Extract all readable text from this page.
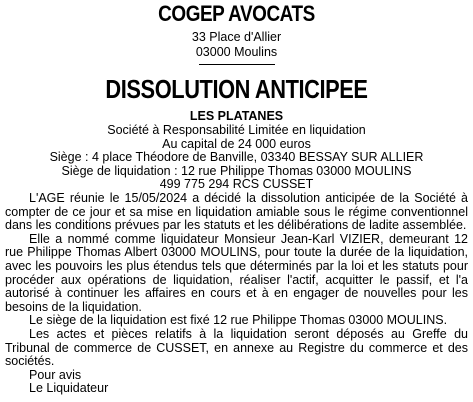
COGEP AVOCATS
33 Place d'Allier
03000 Moulins
DISSOLUTION ANTICIPEE
LES PLATANES
Société à Responsabilité Limitée en liquidation
Au capital de 24 000 euros
Siège : 4 place Théodore de Banville, 03340 BESSAY SUR ALLIER
Siège de liquidation : 12 rue Philippe Thomas 03000 MOULINS
499 775 294 RCS CUSSET

L'AGE réunie le 15/05/2024 a décidé la dissolution anticipée de la Société à compter de ce jour et sa mise en liquidation amiable sous le régime conventionnel dans les conditions prévues par les statuts et les délibérations de ladite assemblée.

Elle a nommé comme liquidateur Monsieur Jean-Karl VIZIER, demeurant 12 rue Philippe Thomas Albert 03000 MOULINS, pour toute la durée de la liquidation, avec les pouvoirs les plus étendus tels que déterminés par la loi et les statuts pour procéder aux opérations de liquidation, réaliser l'actif, acquitter le passif, et l'a autorisé à continuer les affaires en cours et à en engager de nouvelles pour les besoins de la liquidation.

Le siège de la liquidation est fixé 12 rue Philippe Thomas 03000 MOULINS.

Les actes et pièces relatifs à la liquidation seront déposés au Greffe du Tribunal de commerce de CUSSET, en annexe au Registre du commerce et des sociétés.

Pour avis
Le Liquidateur
